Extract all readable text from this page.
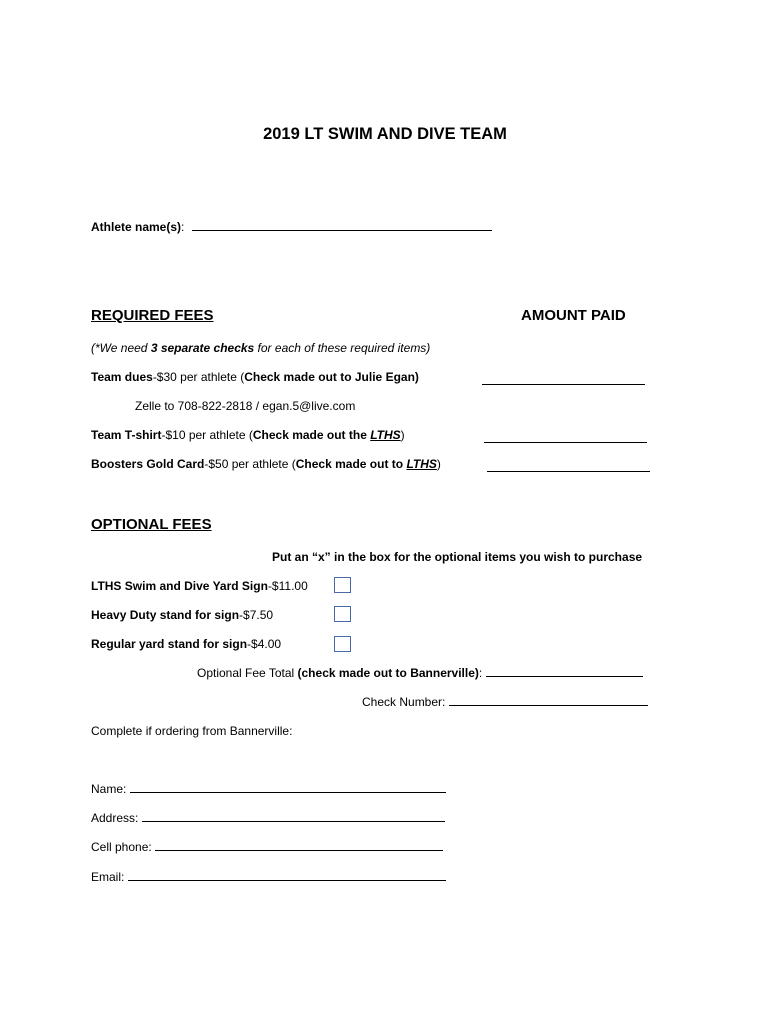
2019 LT SWIM AND DIVE TEAM
Athlete name(s):
REQUIRED FEES	AMOUNT PAID
(*We need 3 separate checks for each of these required items)
Team dues-$30 per athlete (Check made out to Julie Egan)
Zelle to 708-822-2818 / egan.5@live.com
Team T-shirt-$10 per athlete (Check made out the LTHS)
Boosters Gold Card-$50 per athlete (Check made out to LTHS)
OPTIONAL FEES
Put an “x” in the box for the optional items you wish to purchase
LTHS Swim and Dive Yard Sign-$11.00
Heavy Duty stand for sign-$7.50
Regular yard stand for sign-$4.00
Optional Fee Total (check made out to Bannerville):
Check Number:
Complete if ordering from Bannerville:
Name:
Address:
Cell phone:
Email:
